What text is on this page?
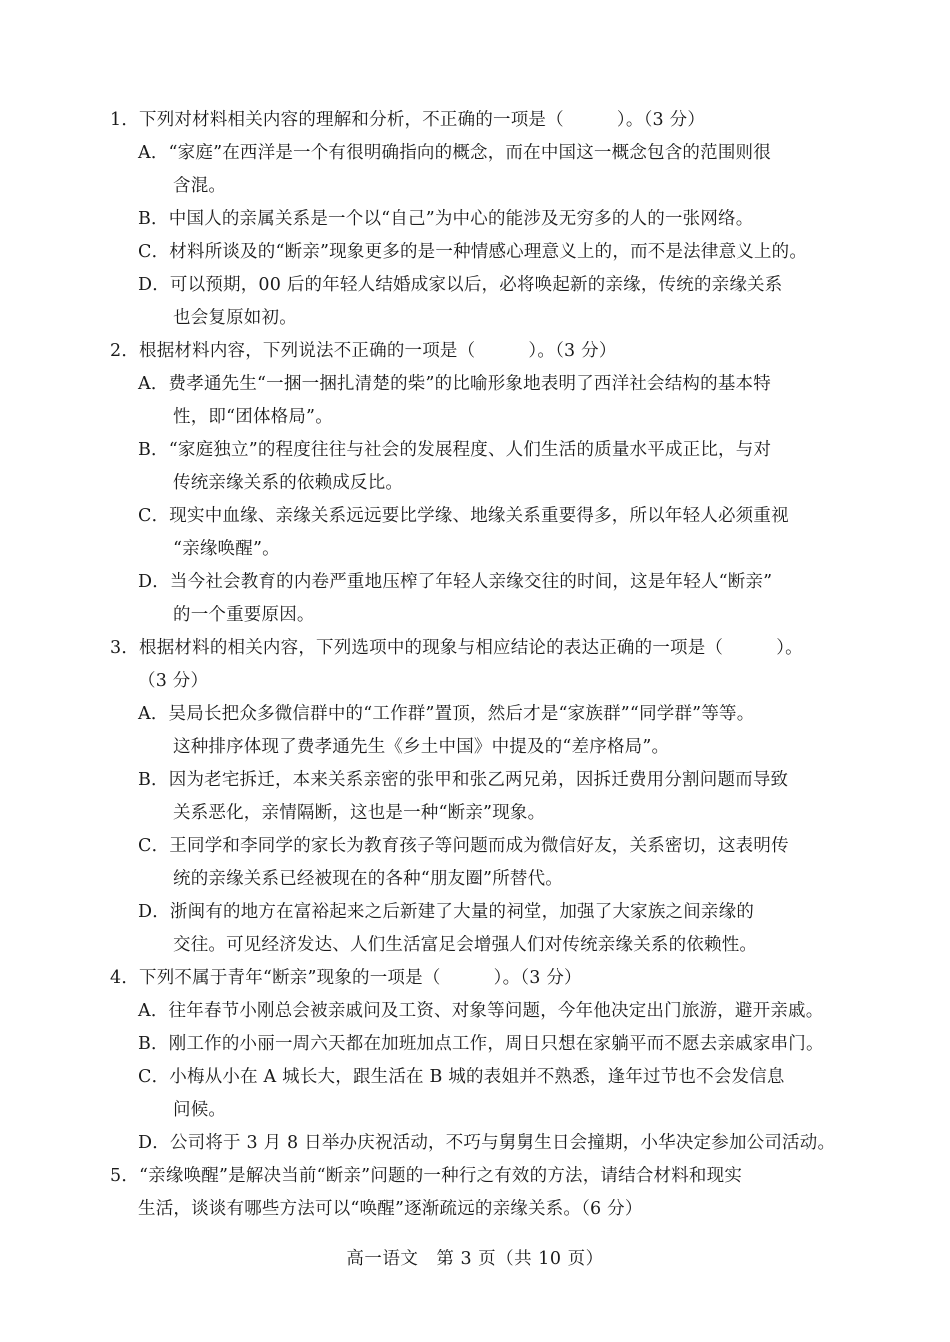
1．下列对材料相关内容的理解和分析，不正确的一项是（　　　）。（3 分）
A．“家庭”在西洋是一个有很明确指向的概念，而在中国这一概念包含的范围则很
含混。
B．中国人的亲属关系是一个以“自己”为中心的能涉及无穷多的人的一张网络。
C．材料所谈及的“断亲”现象更多的是一种情感心理意义上的，而不是法律意义上的。
D．可以预期，00 后的年轻人结婚成家以后，必将唤起新的亲缘，传统的亲缘关系
也会复原如初。
2．根据材料内容，下列说法不正确的一项是（　　　）。（3 分）
A．费孝通先生“一捆一捆扎清楚的柴”的比喻形象地表明了西洋社会结构的基本特
性，即“团体格局”。
B．“家庭独立”的程度往往与社会的发展程度、人们生活的质量水平成正比，与对
传统亲缘关系的依赖成反比。
C．现实中血缘、亲缘关系远远要比学缘、地缘关系重要得多，所以年轻人必须重视
“亲缘唤醒”。
D．当今社会教育的内卷严重地压榨了年轻人亲缘交往的时间，这是年轻人“断亲”
的一个重要原因。
3．根据材料的相关内容，下列选项中的现象与相应结论的表达正确的一项是（　　　）。
（3 分）
A．吴局长把众多微信群中的“工作群”置顶，然后才是“家族群”“同学群”等等。
这种排序体现了费孝通先生《乡土中国》中提及的“差序格局”。
B．因为老宅拆迁，本来关系亲密的张甲和张乙两兄弟，因拆迁费用分割问题而导致
关系恶化，亲情隔断，这也是一种“断亲”现象。
C．王同学和李同学的家长为教育孩子等问题而成为微信好友，关系密切，这表明传
统的亲缘关系已经被现在的各种“朋友圈”所替代。
D．浙闽有的地方在富裕起来之后新建了大量的祠堂，加强了大家族之间亲缘的
交往。可见经济发达、人们生活富足会增强人们对传统亲缘关系的依赖性。
4．下列不属于青年“断亲”现象的一项是（　　　）。（3 分）
A．往年春节小刚总会被亲戚问及工资、对象等问题，今年他决定出门旅游，避开亲戚。
B．刚工作的小丽一周六天都在加班加点工作，周日只想在家躺平而不愿去亲戚家串门。
C．小梅从小在 A 城长大，跟生活在 B 城的表姐并不熟悉，逢年过节也不会发信息
问候。
D．公司将于 3 月 8 日举办庆祝活动，不巧与舅舅生日会撞期，小华决定参加公司活动。
5．“亲缘唤醒”是解决当前“断亲”问题的一种行之有效的方法，请结合材料和现实
生活，谈谈有哪些方法可以“唤醒”逐渐疏远的亲缘关系。（6 分）
高一语文　第 3 页（共 10 页）
